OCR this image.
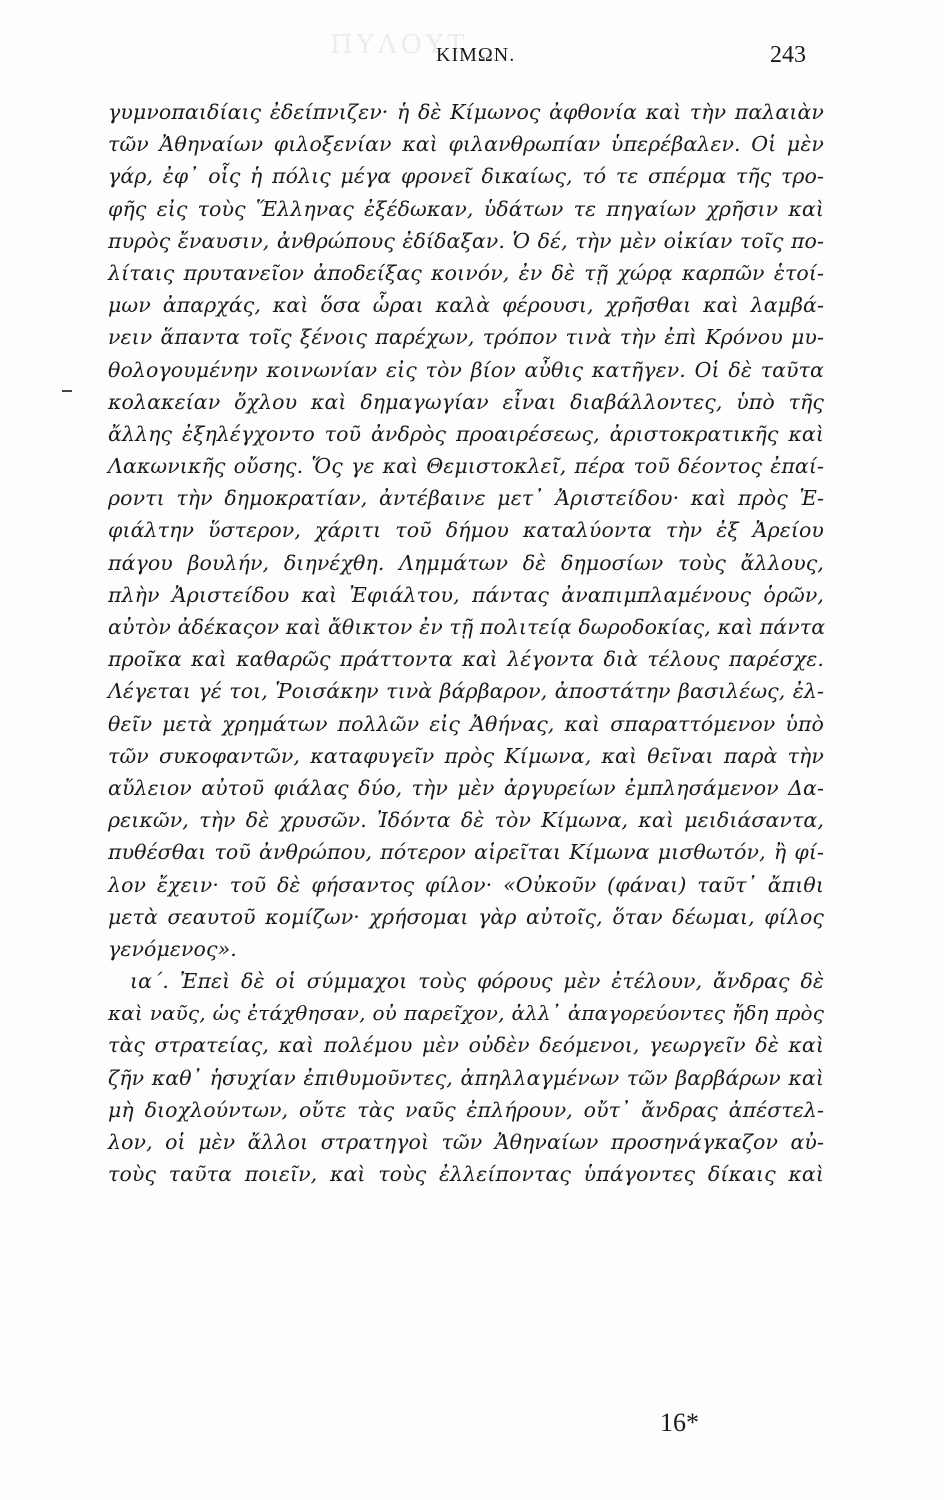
ΠΥΛΟΥΤ
ΚΙΜΩΝ.	243
γυμνοπαιδίαις ἐδείπνιζεν· ἡ δὲ Κίμωνος ἀφθονία καὶ τὴν παλαιὰν
τῶν Ἀθηναίων φιλοξενίαν καὶ φιλανθρωπίαν ὑπερέβαλεν. Οἱ μὲν
γάρ, ἐφ᾽ οἷς ἡ πόλις μέγα φρονεῖ δικαίως, τό τε σπέρμα τῆς τρο-
φῆς εἰς τοὺς Ἕλληνας ἐξέδωκαν, ὑδάτων τε πηγαίων χρῆσιν καὶ
πυρὸς ἔναυσιν, ἀνθρώπους ἐδίδαξαν. Ὁ δέ, τὴν μὲν οἰκίαν τοῖς πο-
λίταις πρυτανεῖον ἀποδείξας κοινόν, ἐν δὲ τῇ χώρᾳ καρπῶν ἑτοί-
μων ἀπαρχάς, καὶ ὅσα ὧραι καλὰ φέρουσι, χρῆσθαι καὶ λαμβά-
νειν ἅπαντα τοῖς ξένοις παρέχων, τρόπον τινὰ τὴν ἐπὶ Κρόνου μυ-
θολογουμένην κοινωνίαν εἰς τὸν βίον αὖθις κατῆγεν. Οἱ δὲ ταῦτα
κολακείαν ὄχλου καὶ δημαγωγίαν εἶναι διαβάλλοντες, ὑπὸ τῆς
ἄλλης ἐξηλέγχοντο τοῦ ἀνδρὸς προαιρέσεως, ἀριστοκρατικῆς καὶ
Λακωνικῆς οὔσης. Ὅς γε καὶ Θεμιστοκλεῖ, πέρα τοῦ δέοντος ἐπαί-
ροντι τὴν δημοκρατίαν, ἀντέβαινε μετ᾽ Ἀριστείδου· καὶ πρὸς Ἐ-
φιάλτην ὕστερον, χάριτι τοῦ δήμου καταλύοντα τὴν ἐξ Ἀρείου
πάγου βουλήν, διηνέχθη. Λημμάτων δὲ δημοσίων τοὺς ἄλλους,
πλὴν Ἀριστείδου καὶ Ἐφιάλτου, πάντας ἀναπιμπλαμένους ὁρῶν,
αὐτὸν ἀδέκαςον καὶ ἄθικτον ἐν τῇ πολιτείᾳ δωροδοκίας, καὶ πάντα
προῖκα καὶ καθαρῶς πράττοντα καὶ λέγοντα διὰ τέλους παρέσχε.
Λέγεται γέ τοι, Ῥοισάκην τινὰ βάρβαρον, ἀποστάτην βασιλέως, ἐλ-
θεῖν μετὰ χρημάτων πολλῶν εἰς Ἀθήνας, καὶ σπαραττόμενον ὑπὸ
τῶν συκοφαντῶν, καταφυγεῖν πρὸς Κίμωνα, καὶ θεῖναι παρὰ τὴν
αὔλειον αὐτοῦ φιάλας δύο, τὴν μὲν ἀργυρείων ἐμπλησάμενον Δα-
ρεικῶν, τὴν δὲ χρυσῶν. Ἰδόντα δὲ τὸν Κίμωνα, καὶ μειδιάσαντα,
πυθέσθαι τοῦ ἀνθρώπου, πότερον αἱρεῖται Κίμωνα μισθωτόν, ἢ φί-
λον ἔχειν· τοῦ δὲ φήσαντος φίλον· «Οὐκοῦν (φάναι) ταῦτ᾽ ἄπιθι
μετὰ σεαυτοῦ κομίζων· χρήσομαι γὰρ αὐτοῖς, ὅταν δέωμαι, φίλος
γενόμενος».
ια΄. Ἐπεὶ δὲ οἱ σύμμαχοι τοὺς φόρους μὲν ἐτέλουν, ἄνδρας δὲ
καὶ ναῦς, ὡς ἐτάχθησαν, οὐ παρεῖχον, ἀλλ᾽ ἀπαγορεύοντες ἤδη πρὸς
τὰς στρατείας, καὶ πολέμου μὲν οὐδὲν δεόμενοι, γεωργεῖν δὲ καὶ
ζῆν καθ᾽ ἡσυχίαν ἐπιθυμοῦντες, ἀπηλλαγμένων τῶν βαρβάρων καὶ
μὴ διοχλούντων, οὔτε τὰς ναῦς ἐπλήρουν, οὔτ᾽ ἄνδρας ἀπέστελ-
λον, οἱ μὲν ἄλλοι στρατηγοὶ τῶν Ἀθηναίων προσηνάγκαζον αὐ-
τοὺς ταῦτα ποιεῖν, καὶ τοὺς ἐλλείποντας ὑπάγοντες δίκαις καὶ
16*
